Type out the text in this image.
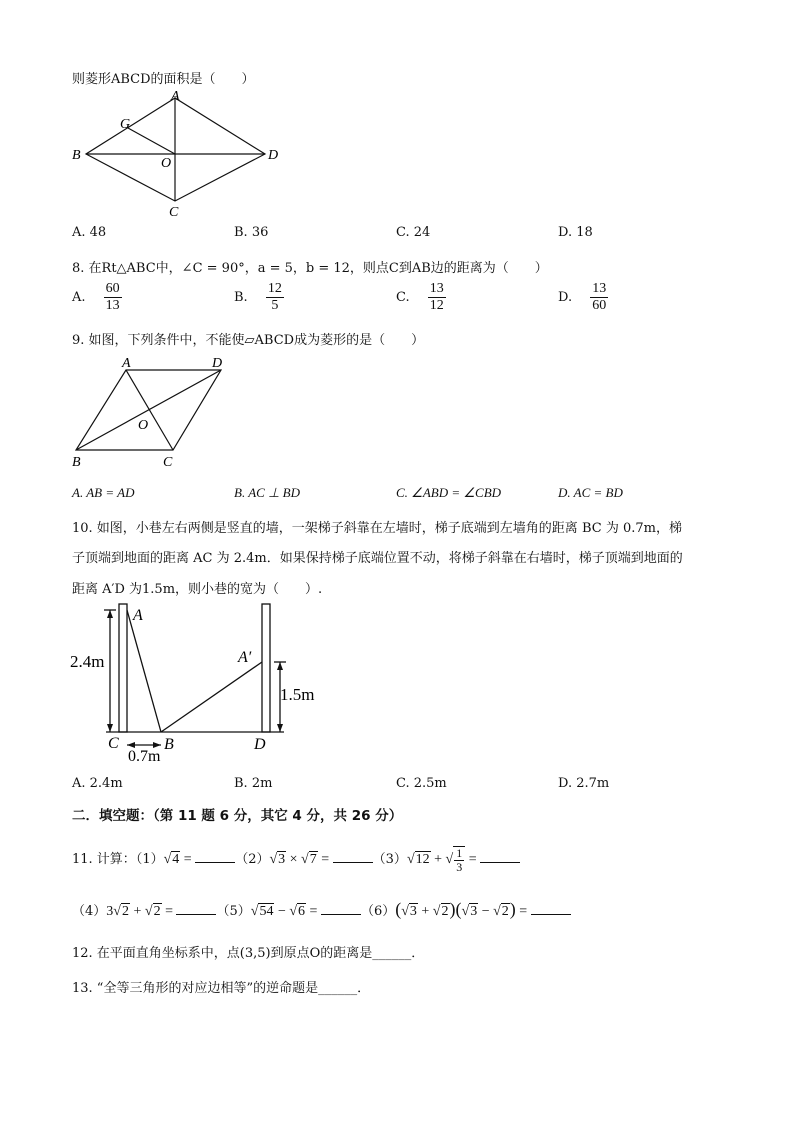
则菱形ABCD的面积是（　　）
A
G
B
O
D
C
A. 48	B. 36	C. 24	D. 18
8. 在Rt△ABC中，∠C = 90°，a = 5，b = 12，则点C到AB边的距离为（　　）
A. $\frac{60}{13}$	B. $\frac{12}{5}$	C. $\frac{13}{12}$	D. $\frac{13}{60}$
9. 如图，下列条件中，不能使▱ABCD成为菱形的是（　　）
A	D
O
B	C
A. AB = AD	B. AC ⊥ BD	C. ∠ABD = ∠CBD	D. AC = BD
10. 如图，小巷左右两侧是竖直的墙，一架梯子斜靠在左墙时，梯子底端到左墙角的距离 BC 为 0.7m，梯
子顶端到地面的距离 AC 为 2.4m．如果保持梯子底端位置不动，将梯子斜靠在右墙时，梯子顶端到地面的
距离 A′D 为1.5m，则小巷的宽为（　　）.
A
A′
2.4m
1.5m
C	B	D
0.7m
A. 2.4m	B. 2m	C. 2.5m	D. 2.7m
二．填空题：（第 11 题 6 分，其它 4 分，共 26 分）
11. 计算：（1）√4 =	（2）√3 × √7 =	（3）√12 + √ $\frac{1}{3}$ =
（4）3√2 + √2 =	（5）√54 − √6 =	（6）(√3 + √2)(√3 − √2) =
12. 在平面直角坐标系中，点(3,5)到原点O的距离是______．
13. “全等三角形的对应边相等”的逆命题是______．
